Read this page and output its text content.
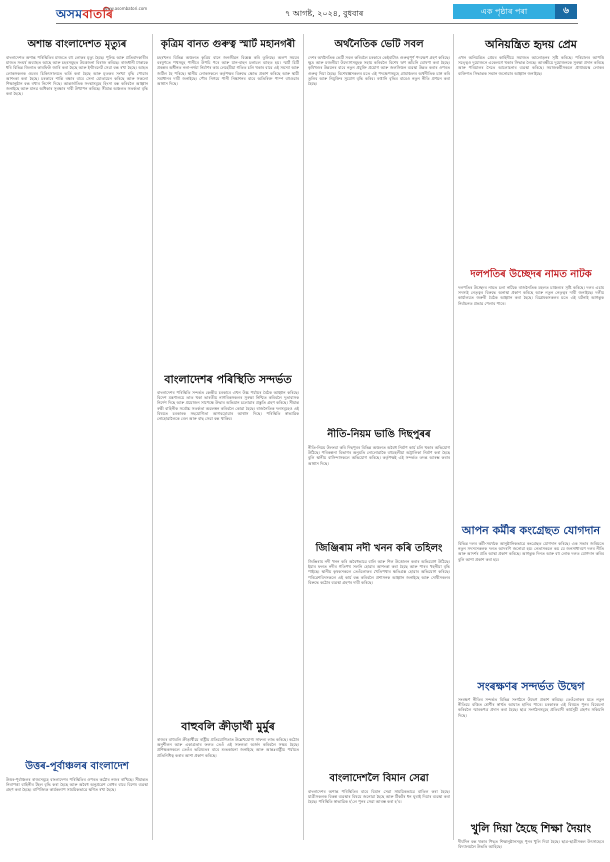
অসমবাতৰি
www.asombatori.com
৭ আগষ্ট, ২০২৪, বুধবাৰ	এক পৃষ্ঠাৰ পৰা	৬
অশান্ত বাংলাদেশত মৃত্যুৰ

বাংলাদেশত অশান্ত পৰিস্থিতিৰ মাজতে বহু লোকৰ মৃত্যু হৈছে। পুলিচ আৰু প্ৰতিবাদকাৰীৰ মাজত সংঘৰ্ষ অব্যাহত আছে আৰু চহৰসমূহত উত্তেজনা বিৰাজ কৰিছে। ৰাজধানী ঢাকাকে ধৰি বিভিন্ন জিলাত কাৰফিউ জাৰি কৰা হৈছে আৰু ইণ্টাৰনেট সেৱা বন্ধ ৰখা হৈছে। আহত লোকসকলক ওচৰৰ চিকিৎসালয়ত ভৰ্তি কৰা হৈছে আৰু মৃতকৰ সংখ্যা বৃদ্ধি পোৱাৰ আশংকা কৰা হৈছে। চৰকাৰে শান্তি ৰক্ষাৰ বাবে সেনা মোতায়েন কৰিছে আৰু সকলো শিক্ষানুষ্ঠান বন্ধ ৰখাৰ নিৰ্দেশ দিছে। আন্তৰ্জাতিক সংস্থাসমূহে হিংসা বন্ধ কৰিবলৈ আহ্বান জনাইছে আৰু মানৱ অধিকাৰ সুৰক্ষাৰ দাবী উত্থাপন কৰিছে। সীমান্ত অঞ্চলত সতৰ্কতা বৃদ্ধি কৰা হৈছে।

উত্তৰ-পূৰ্বাঞ্চলৰ বাংলাদেশ

উত্তৰ-পূৰ্বাঞ্চলৰ ৰাজ্যসমূহে বাংলাদেশৰ পৰিস্থিতিৰ ওপৰত কঠোৰ নজৰ ৰাখিছে। সীমান্তত নিৰাপত্তা বাহিনীৰ টহল বৃদ্ধি কৰা হৈছে আৰু অবৈধ অনুপ্ৰৱেশ ৰোধৰ বাবে বিশেষ ব্যৱস্থা গ্ৰহণ কৰা হৈছে। বাণিজ্যিক কাৰ্যকলাপ সাময়িকভাৱে স্থগিত ৰখা হৈছে।

কৃত্ৰিম বানত গুৰুত্ব স্মাৰ্ট মহানগৰী

চহৰখনৰ বিভিন্ন অঞ্চলত কৃত্ৰিম বানে জনজীৱন বিধ্বস্ত কৰি তুলিছে। অলপ সময়ৰ বৰষুণতে পথসমূহ পানীৰে উপচি পৰে আৰু যান-বাহন চলাচল ব্যাহত হয়। স্মাৰ্ট চিটি প্ৰকল্পৰ অধীনত নলা-নৰ্দমা নিৰ্মাণৰ কাম লেহেমীয়া গতিত চলি থকাৰ বাবে এই সমস্যা আৰু জটিল হৈ পৰিছে। স্থানীয় লোকসকলে কৰ্তৃপক্ষৰ বিৰুদ্ধে ক্ষোভ প্ৰকাশ কৰিছে আৰু স্থায়ী সমাধানৰ দাবী জনাইছে। পৌৰ নিগমে পানী নিষ্কাশনৰ বাবে অতিৰিক্ত পাম্প বহুওৱাৰ আশ্বাস দিছে।

বাংলাদেশৰ পৰিস্থিতি সন্দৰ্ভত

বাংলাদেশৰ পৰিস্থিতি সন্দৰ্ভত কেন্দ্ৰীয় চৰকাৰে এখন উচ্চ পৰ্যায়ৰ বৈঠক আহ্বান কৰিছে। বিদেশ মন্ত্ৰণালয়ে তাত থকা ভাৰতীয় নাগৰিকসকলৰ সুৰক্ষা নিশ্চিত কৰিবলৈ দূতাবাসক নিৰ্দেশ দিছে আৰু প্ৰয়োজন সাপেক্ষে উদ্ধাৰ অভিযান চলোৱাৰ প্ৰস্তুতি গ্ৰহণ কৰিছে। সীমান্ত ৰক্ষী বাহিনীক সৰ্বোচ্চ সতৰ্কতা অৱলম্বন কৰিবলৈ কোৱা হৈছে। ৰাজনৈতিক দলসমূহেও এই বিষয়ত চৰকাৰক সহযোগিতা আগবঢ়োৱাৰ আশ্বাস দিছে। পৰিস্থিতি স্বাভাৱিক নোহোৱালৈকে ৰেল আৰু বাছ সেৱা বন্ধ থাকিব।

বাহুবলি ক্ৰীড়াৰ্থী মুৰ্মুৰ

ৰাজ্যৰ বাহুবলি ক্ৰীড়াৰ্থীয়ে ৰাষ্ট্ৰীয় প্ৰতিযোগিতাত উল্লেখযোগ্য সাফল্য লাভ কৰিছে। কঠোৰ অনুশীলন আৰু একাগ্ৰতাৰ ফলত তেওঁ এই সফলতা অৰ্জন কৰিবলৈ সক্ষম হৈছে। প্ৰশিক্ষকসকলে তেওঁৰ ভৱিষ্যতৰ বাবে শুভকামনা জনাইছে আৰু আন্তঃৰাষ্ট্ৰীয় পৰ্যায়ত প্ৰতিনিধিত্ব কৰাৰ আশা প্ৰকাশ কৰিছে।

অৰ্থনৈতিক ভেটি সবল

দেশৰ অৰ্থনৈতিক ভেটি সবল কৰিবলৈ চৰকাৰে কেইবাটাও গুৰুত্বপূৰ্ণ পদক্ষেপ গ্ৰহণ কৰিছে। ক্ষুদ্ৰ আৰু মজলীয়া উদ্যোগসমূহক সহায় কৰিবলৈ বিশেষ ঋণ আঁচনি ঘোষণা কৰা হৈছে। কৃষিখণ্ডৰ উন্নয়নৰ বাবে নতুন প্ৰযুক্তি প্ৰয়োগ আৰু জলসিঞ্চন ব্যৱস্থা উন্নত কৰাৰ ওপৰত গুৰুত্ব দিয়া হৈছে। বিশেষজ্ঞসকলৰ মতে এই পদক্ষেপসমূহে গ্ৰামাঞ্চলৰ অৰ্থনীতিক চাঙ্গ কৰি তুলিব আৰু নিযুক্তিৰ সুযোগ বৃদ্ধি কৰিব। ৰপ্তানি বৃদ্ধিৰ বাবেও নতুন নীতি প্ৰণয়ন কৰা হৈছে।

নীতি-নিয়ম ভাঙি দিছপুৰৰ

নীতি-নিয়ম উলংঘা কৰি দিছপুৰৰ বিভিন্ন অঞ্চলত অবৈধ নিৰ্মাণ কাৰ্য চলি থকাৰ অভিযোগ উঠিছে। পৰিকল্পনা বিভাগৰ অনুমতি নোলোৱাকৈ বহুমহলীয়া অট্টালিকা নিৰ্মাণ কৰা হৈছে বুলি স্থানীয় বাসিন্দাসকলে অভিযোগ কৰিছে। কৰ্তৃপক্ষই এই সন্দৰ্ভত তদন্ত আৰম্ভ কৰাৰ আশ্বাস দিছে।

জিঞ্জিৰাম নদী খনন কৰি তহিলং

জিঞ্জিৰাম নদী খনন কৰি অবৈধভাৱে বালি আৰু শিল উত্তোলন কৰাৰ অভিযোগ উঠিছে। ইয়াৰ ফলত নদীৰ গতিপথ সলনি হোৱাৰ আশংকা কৰা হৈছে আৰু পাৰৰ খহনীয়া বৃদ্ধি পাইছে। স্থানীয় কৃষকসকলে তেওঁলোকৰ খেতিপথাৰ ক্ষতিগ্ৰস্ত হোৱাৰ অভিযোগ কৰিছে। পৰিৱেশবিদসকলে এই কাৰ্য বন্ধ কৰিবলৈ প্ৰশাসনক আহ্বান জনাইছে আৰু দোষীসকলৰ বিৰুদ্ধে কঠোৰ ব্যৱস্থা গ্ৰহণৰ দাবী কৰিছে।

বাংলাদেশলৈ বিমান সেৱা

বাংলাদেশৰ অশান্ত পৰিস্থিতিৰ বাবে বিমান সেৱা সাময়িকভাৱে বাতিল কৰা হৈছে। যাত্ৰীসকলক বিকল্প ব্যৱস্থাৰ বিষয়ে জনোৱা হৈছে আৰু টিকটৰ ধন ঘূৰাই দিয়াৰ ব্যৱস্থা কৰা হৈছে। পৰিস্থিতি স্বাভাৱিক হ'লে পুনৰ সেৱা আৰম্ভ কৰা হ'ব।

অনিয়ন্ত্ৰিত হৃদয় প্ৰেম

এখন অনিয়ন্ত্ৰিত প্ৰেমৰ কাহিনীয়ে সমাজত আলোড়নৰ সৃষ্টি কৰিছে। পৰিয়ালৰ আপত্তি সত্ত্বেও দুয়োজনে একেলগে থকাৰ সিদ্ধান্ত লৈছে। আৰক্ষীয়ে দুয়োজনকে সুৰক্ষা প্ৰদান কৰিছে আৰু পৰিয়ালৰ সৈতে আলোচনাৰ ব্যৱস্থা কৰিছে। সমাজকৰ্মীসকলে প্ৰাপ্তবয়স্ক লোকৰ ব্যক্তিগত সিদ্ধান্তক সন্মান জনোৱাৰ আহ্বান জনাইছে।

দলপতিৰ উচ্ছেদৰ নামত নাটক

দলপতিৰ উচ্ছেদৰ নামত চলা নাটকে ৰাজনৈতিক মহলত চাঞ্চল্যৰ সৃষ্টি কৰিছে। দলৰ এচাম সদস্যই নেতৃত্বৰ বিৰুদ্ধে অনাস্থা প্ৰকাশ কৰিছে আৰু নতুন নেতৃত্বৰ দাবী জনাইছে। দলীয় কাৰ্যালয়ত জৰুৰী বৈঠক আহ্বান কৰা হৈছে। বিশ্লেষকসকলৰ মতে এই ঘটনাই আগন্তুক নিৰ্বাচনত প্ৰভাৱ পেলাব পাৰে।

আপন কৰ্মীৰ কংগ্ৰেছত যোগদান

বিভিন্ন দলৰ কৰ্মী-সমৰ্থকে আনুষ্ঠানিকভাৱে কংগ্ৰেছত যোগদান কৰিছে। এক সভাৰ জৰিয়তে নতুন সদস্যসকলক দলত আদৰণি জনোৱা হয়। নেতাসকলে কয় যে জনসাধাৰণে দলৰ নীতি আৰু আদৰ্শৰ প্ৰতি আস্থা প্ৰকাশ কৰিছে। আগন্তুক দিনত আৰু বহু লোক দলত যোগদান কৰিব বুলি আশা প্ৰকাশ কৰা হয়।

সংৰক্ষণৰ সন্দৰ্ভত উদ্বেগ

সংৰক্ষণ নীতিৰ সন্দৰ্ভত বিভিন্ন সংগঠনে উদ্বেগ প্ৰকাশ কৰিছে। তেওঁলোকৰ মতে নতুন নীতিয়ে বঞ্চিত শ্ৰেণীৰ স্বাৰ্থত আঘাত হানিব পাৰে। চৰকাৰক এই বিষয়ত পুনৰ বিবেচনা কৰিবলৈ স্মাৰকপত্ৰ প্ৰদান কৰা হৈছে। ছাত্ৰ সংগঠনসমূহে প্ৰতিবাদী কাৰ্যসূচী গ্ৰহণৰ সকিয়নি দিছে।

খুলি দিয়া হৈছে শিক্ষা দৈয়াং

দীৰ্ঘদিন বন্ধ থকাৰ পিছত শিক্ষানুষ্ঠানসমূহ পুনৰ খুলি দিয়া হৈছে। ছাত্ৰ-ছাত্ৰীসকল উৎসাহেৰে বিদ্যালয়লৈ উভতি আহিছে।
